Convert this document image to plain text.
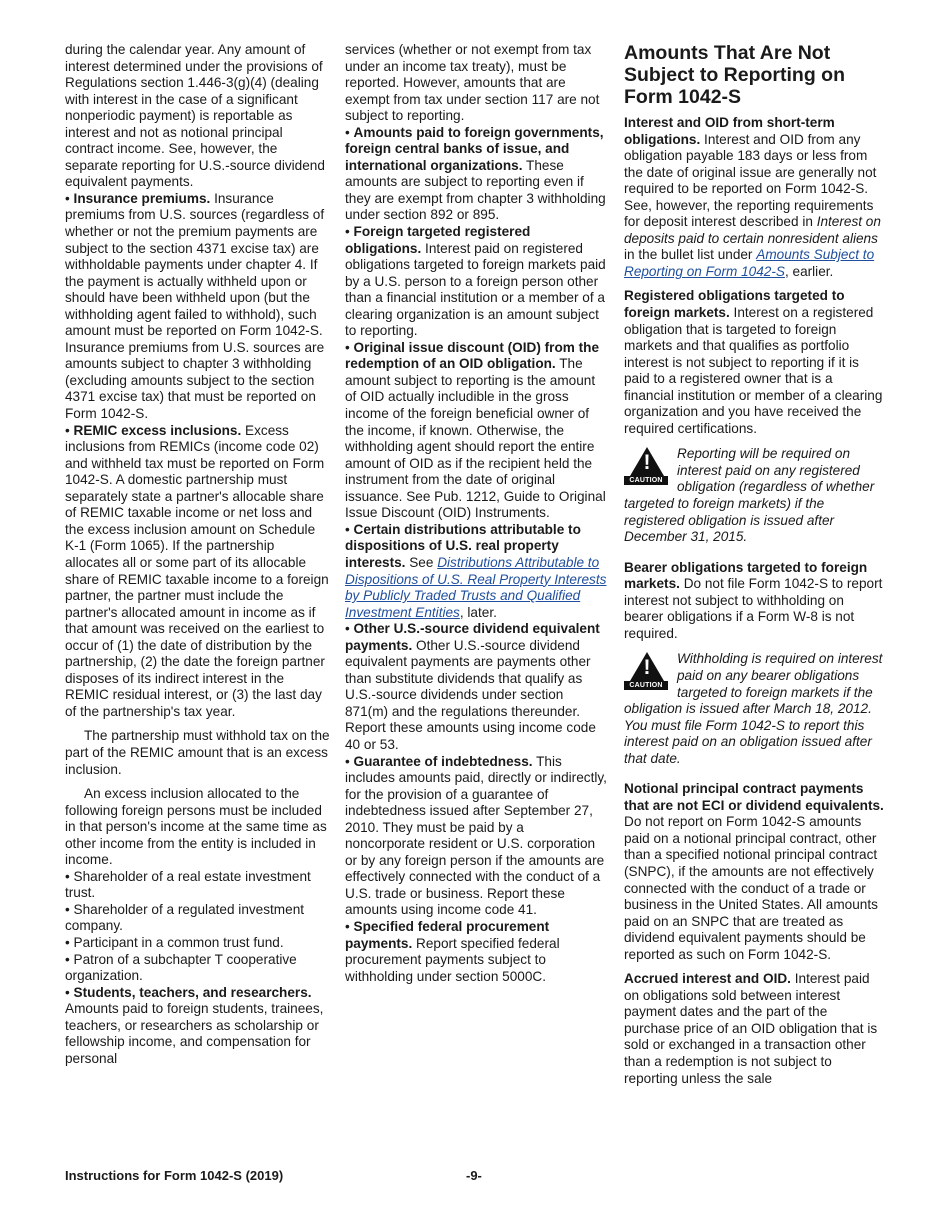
during the calendar year. Any amount of interest determined under the provisions of Regulations section 1.446-3(g)(4) (dealing with interest in the case of a significant nonperiodic payment) is reportable as interest and not as notional principal contract income. See, however, the separate reporting for U.S.-source dividend equivalent payments.

• Insurance premiums. Insurance premiums from U.S. sources (regardless of whether or not the premium payments are subject to the section 4371 excise tax) are withholdable payments under chapter 4. If the payment is actually withheld upon or should have been withheld upon (but the withholding agent failed to withhold), such amount must be reported on Form 1042-S. Insurance premiums from U.S. sources are amounts subject to chapter 3 withholding (excluding amounts subject to the section 4371 excise tax) that must be reported on Form 1042-S.

• REMIC excess inclusions. Excess inclusions from REMICs (income code 02) and withheld tax must be reported on Form 1042-S. A domestic partnership must separately state a partner's allocable share of REMIC taxable income or net loss and the excess inclusion amount on Schedule K-1 (Form 1065). If the partnership allocates all or some part of its allocable share of REMIC taxable income to a foreign partner, the partner must include the partner's allocated amount in income as if that amount was received on the earliest to occur of (1) the date of distribution by the partnership, (2) the date the foreign partner disposes of its indirect interest in the REMIC residual interest, or (3) the last day of the partnership's tax year.

The partnership must withhold tax on the part of the REMIC amount that is an excess inclusion.

An excess inclusion allocated to the following foreign persons must be included in that person's income at the same time as other income from the entity is included in income.

• Shareholder of a real estate investment trust.

• Shareholder of a regulated investment company.

• Participant in a common trust fund.

• Patron of a subchapter T cooperative organization.

• Students, teachers, and researchers. Amounts paid to foreign students, trainees, teachers, or researchers as scholarship or fellowship income, and compensation for personal

services (whether or not exempt from tax under an income tax treaty), must be reported. However, amounts that are exempt from tax under section 117 are not subject to reporting.

• Amounts paid to foreign governments, foreign central banks of issue, and international organizations. These amounts are subject to reporting even if they are exempt from chapter 3 withholding under section 892 or 895.

• Foreign targeted registered obligations. Interest paid on registered obligations targeted to foreign markets paid by a U.S. person to a foreign person other than a financial institution or a member of a clearing organization is an amount subject to reporting.

• Original issue discount (OID) from the redemption of an OID obligation. The amount subject to reporting is the amount of OID actually includible in the gross income of the foreign beneficial owner of the income, if known. Otherwise, the withholding agent should report the entire amount of OID as if the recipient held the instrument from the date of original issuance. See Pub. 1212, Guide to Original Issue Discount (OID) Instruments.

• Certain distributions attributable to dispositions of U.S. real property interests. See Distributions Attributable to Dispositions of U.S. Real Property Interests by Publicly Traded Trusts and Qualified Investment Entities, later.

• Other U.S.-source dividend equivalent payments. Other U.S.-source dividend equivalent payments are payments other than substitute dividends that qualify as U.S.-source dividends under section 871(m) and the regulations thereunder. Report these amounts using income code 40 or 53.

• Guarantee of indebtedness. This includes amounts paid, directly or indirectly, for the provision of a guarantee of indebtedness issued after September 27, 2010. They must be paid by a noncorporate resident or U.S. corporation or by any foreign person if the amounts are effectively connected with the conduct of a U.S. trade or business. Report these amounts using income code 41.

• Specified federal procurement payments. Report specified federal procurement payments subject to withholding under section 5000C.

Amounts That Are Not Subject to Reporting on Form 1042-S

Interest and OID from short-term obligations. Interest and OID from any obligation payable 183 days or less from the date of original issue are generally not required to be reported on Form 1042-S. See, however, the reporting requirements for deposit interest described in Interest on deposits paid to certain nonresident aliens in the bullet list under Amounts Subject to Reporting on Form 1042-S, earlier.

Registered obligations targeted to foreign markets. Interest on a registered obligation that is targeted to foreign markets and that qualifies as portfolio interest is not subject to reporting if it is paid to a registered owner that is a financial institution or member of a clearing organization and you have received the required certifications.

!
CAUTION
Reporting will be required on interest paid on any registered obligation (regardless of whether targeted to foreign markets) if the registered obligation is issued after December 31, 2015.

Bearer obligations targeted to foreign markets. Do not file Form 1042-S to report interest not subject to withholding on bearer obligations if a Form W-8 is not required.

!
CAUTION
Withholding is required on interest paid on any bearer obligations targeted to foreign markets if the obligation is issued after March 18, 2012. You must file Form 1042-S to report this interest paid on an obligation issued after that date.

Notional principal contract payments that are not ECI or dividend equivalents. Do not report on Form 1042-S amounts paid on a notional principal contract, other than a specified notional principal contract (SNPC), if the amounts are not effectively connected with the conduct of a trade or business in the United States. All amounts paid on an SNPC that are treated as dividend equivalent payments should be reported as such on Form 1042-S.

Accrued interest and OID. Interest paid on obligations sold between interest payment dates and the part of the purchase price of an OID obligation that is sold or exchanged in a transaction other than a redemption is not subject to reporting unless the sale

Instructions for Form 1042-S (2019)	-9-
